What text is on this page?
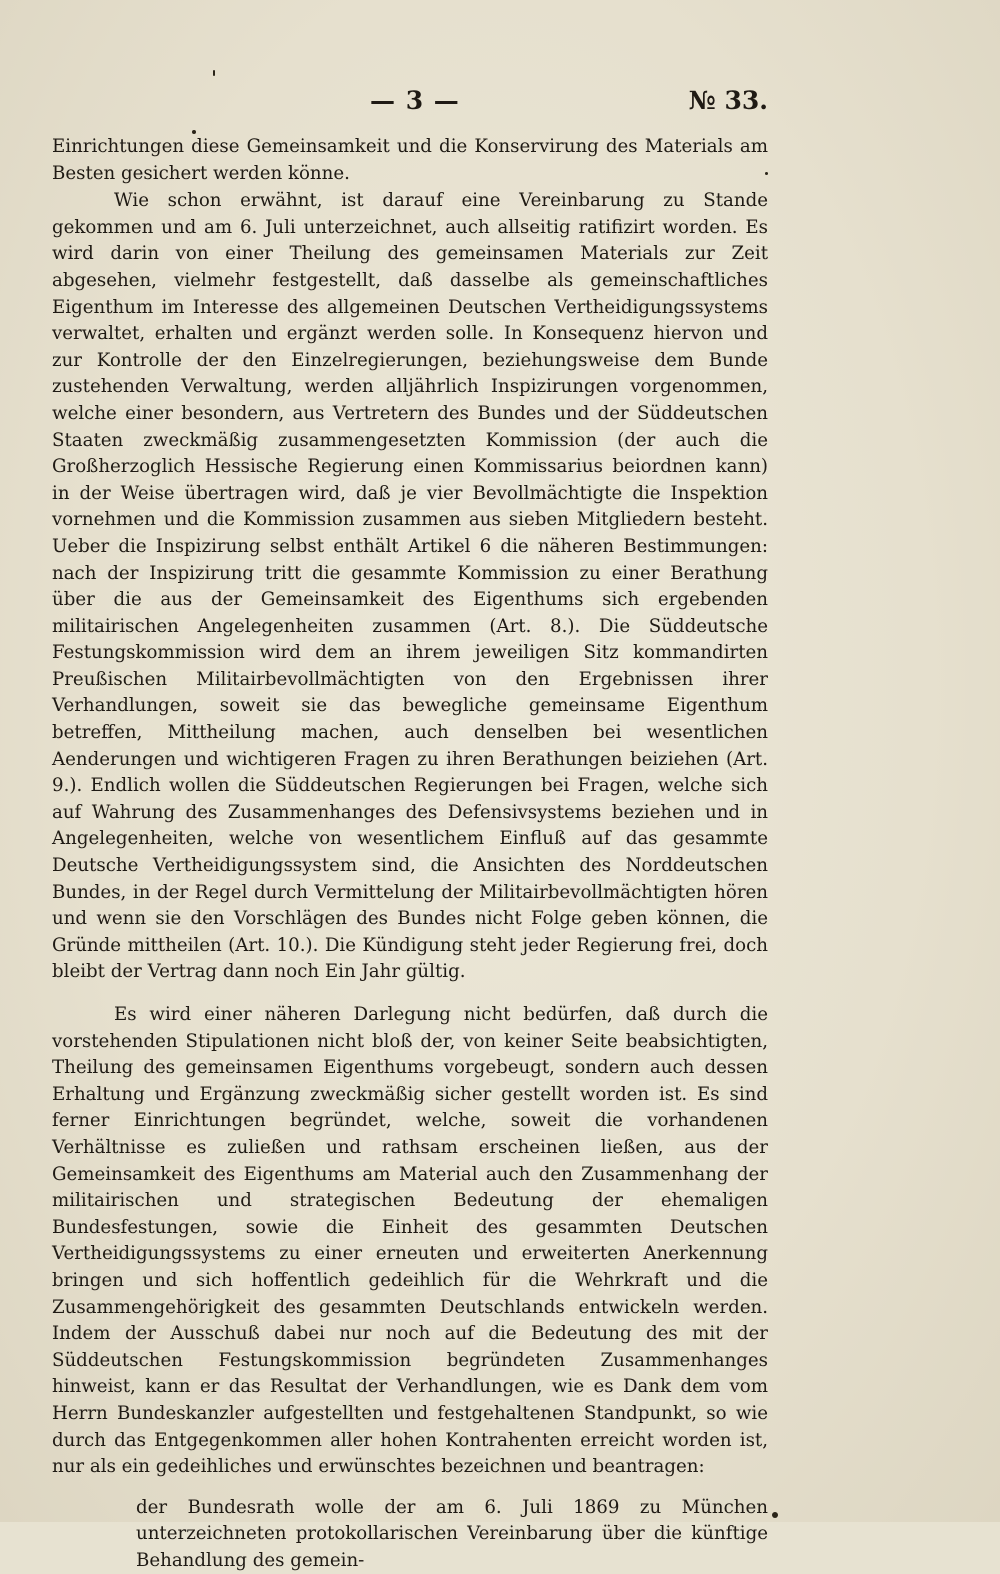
— 3 —	№ 33.

Einrichtungen diese Gemeinsamkeit und die Konservirung des Materials am Besten gesichert werden könne.

Wie schon erwähnt, ist darauf eine Vereinbarung zu Stande gekommen und am 6. Juli unterzeichnet, auch allseitig ratifizirt worden. Es wird darin von einer Theilung des gemeinsamen Materials zur Zeit abgesehen, vielmehr festgestellt, daß dasselbe als gemeinschaftliches Eigenthum im Interesse des allgemeinen Deutschen Vertheidigungssystems verwaltet, erhalten und ergänzt werden solle. In Konsequenz hiervon und zur Kontrolle der den Einzelregierungen, beziehungsweise dem Bunde zustehenden Verwaltung, werden alljährlich Inspizirungen vorgenommen, welche einer besondern, aus Vertretern des Bundes und der Süddeutschen Staaten zweckmäßig zusammengesetzten Kommission (der auch die Großherzoglich Hessische Regierung einen Kommissarius beiordnen kann) in der Weise übertragen wird, daß je vier Bevollmächtigte die Inspektion vornehmen und die Kommission zusammen aus sieben Mitgliedern besteht. Ueber die Inspizirung selbst enthält Artikel 6 die näheren Bestimmungen: nach der Inspizirung tritt die gesammte Kommission zu einer Berathung über die aus der Gemeinsamkeit des Eigenthums sich ergebenden militairischen Angelegenheiten zusammen (Art. 8.). Die Süddeutsche Festungskommission wird dem an ihrem jeweiligen Sitz kommandirten Preußischen Militairbevollmächtigten von den Ergebnissen ihrer Verhandlungen, soweit sie das bewegliche gemeinsame Eigenthum betreffen, Mittheilung machen, auch denselben bei wesentlichen Aenderungen und wichtigeren Fragen zu ihren Berathungen beiziehen (Art. 9.). Endlich wollen die Süddeutschen Regierungen bei Fragen, welche sich auf Wahrung des Zusammenhanges des Defensivsystems beziehen und in Angelegenheiten, welche von wesentlichem Einfluß auf das gesammte Deutsche Vertheidigungssystem sind, die Ansichten des Norddeutschen Bundes, in der Regel durch Vermittelung der Militairbevollmächtigten hören und wenn sie den Vorschlägen des Bundes nicht Folge geben können, die Gründe mittheilen (Art. 10.). Die Kündigung steht jeder Regierung frei, doch bleibt der Vertrag dann noch Ein Jahr gültig.

Es wird einer näheren Darlegung nicht bedürfen, daß durch die vorstehenden Stipulationen nicht bloß der, von keiner Seite beabsichtigten, Theilung des gemeinsamen Eigenthums vorgebeugt, sondern auch dessen Erhaltung und Ergänzung zweckmäßig sicher gestellt worden ist. Es sind ferner Einrichtungen begründet, welche, soweit die vorhandenen Verhältnisse es zuließen und rathsam erscheinen ließen, aus der Gemeinsamkeit des Eigenthums am Material auch den Zusammenhang der militairischen und strategischen Bedeutung der ehemaligen Bundesfestungen, sowie die Einheit des gesammten Deutschen Vertheidigungssystems zu einer erneuten und erweiterten Anerkennung bringen und sich hoffentlich gedeihlich für die Wehrkraft und die Zusammengehörigkeit des gesammten Deutschlands entwickeln werden. Indem der Ausschuß dabei nur noch auf die Bedeutung des mit der Süddeutschen Festungskommission begründeten Zusammenhanges hinweist, kann er das Resultat der Verhandlungen, wie es Dank dem vom Herrn Bundeskanzler aufgestellten und festgehaltenen Standpunkt, so wie durch das Entgegenkommen aller hohen Kontrahenten erreicht worden ist, nur als ein gedeihliches und erwünschtes bezeichnen und beantragen:

der Bundesrath wolle der am 6. Juli 1869 zu München unterzeichneten protokollarischen Vereinbarung über die künftige Behandlung des gemein-
